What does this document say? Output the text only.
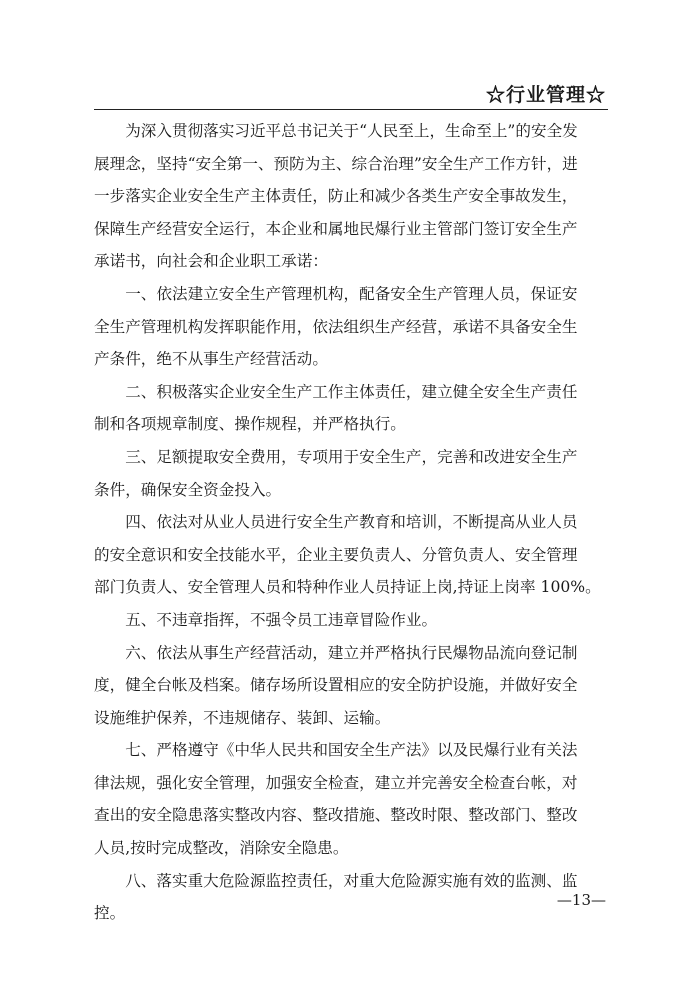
☆行业管理☆

为深入贯彻落实习近平总书记关于“人民至上，生命至上”的安全发
展理念，坚持“安全第一、预防为主、综合治理”安全生产工作方针，进
一步落实企业安全生产主体责任，防止和减少各类生产安全事故发生，
保障生产经营安全运行，本企业和属地民爆行业主管部门签订安全生产
承诺书，向社会和企业职工承诺：

一、依法建立安全生产管理机构，配备安全生产管理人员，保证安
全生产管理机构发挥职能作用，依法组织生产经营，承诺不具备安全生
产条件，绝不从事生产经营活动。

二、积极落实企业安全生产工作主体责任，建立健全安全生产责任
制和各项规章制度、操作规程，并严格执行。

三、足额提取安全费用，专项用于安全生产，完善和改进安全生产
条件，确保安全资金投入。

四、依法对从业人员进行安全生产教育和培训，不断提高从业人员
的安全意识和安全技能水平，企业主要负责人、分管负责人、安全管理
部门负责人、安全管理人员和特种作业人员持证上岗,持证上岗率 100%。

五、不违章指挥，不强令员工违章冒险作业。

六、依法从事生产经营活动，建立并严格执行民爆物品流向登记制
度，健全台帐及档案。储存场所设置相应的安全防护设施，并做好安全
设施维护保养，不违规储存、装卸、运输。

七、严格遵守《中华人民共和国安全生产法》以及民爆行业有关法
律法规，强化安全管理，加强安全检查，建立并完善安全检查台帐，对
查出的安全隐患落实整改内容、整改措施、整改时限、整改部门、整改
人员,按时完成整改，消除安全隐患。

八、落实重大危险源监控责任，对重大危险源实施有效的监测、监
控。

—13—
